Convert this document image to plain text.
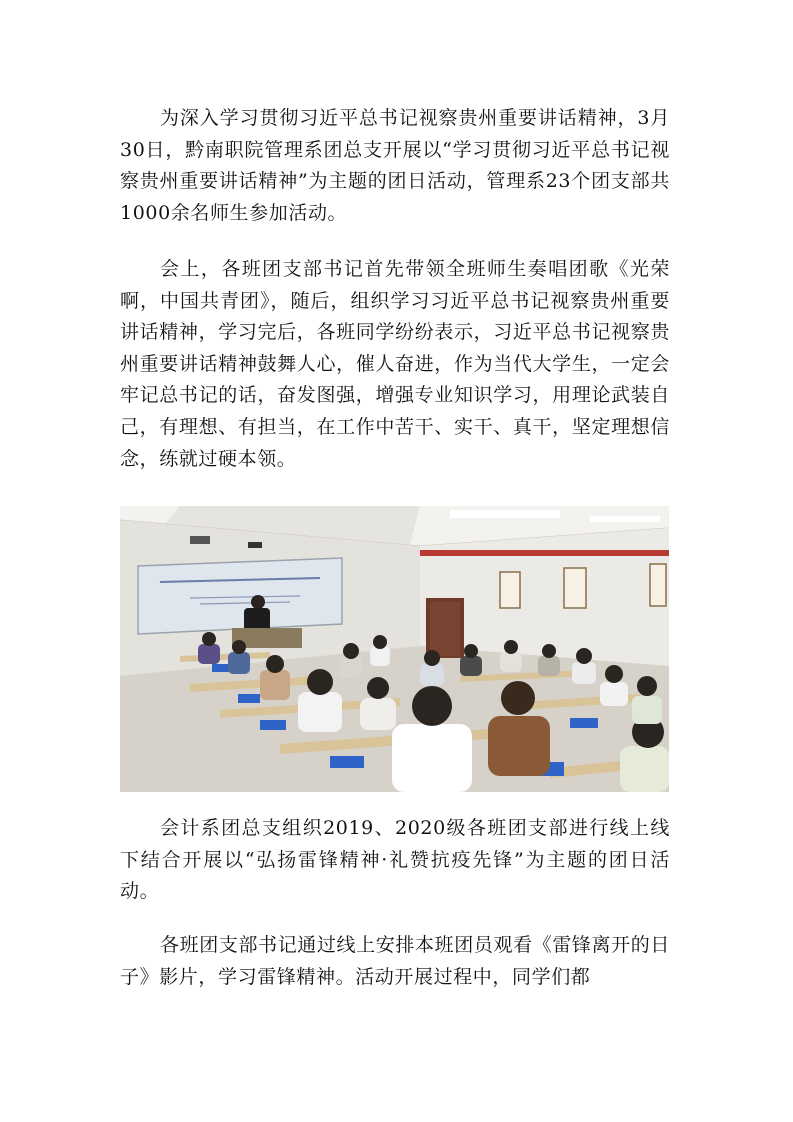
为深入学习贯彻习近平总书记视察贵州重要讲话精神，3月30日，黔南职院管理系团总支开展以“学习贯彻习近平总书记视察贵州重要讲话精神”为主题的团日活动，管理系23个团支部共1000余名师生参加活动。

会上，各班团支部书记首先带领全班师生奏唱团歌《光荣啊，中国共青团》，随后，组织学习习近平总书记视察贵州重要讲话精神，学习完后，各班同学纷纷表示，习近平总书记视察贵州重要讲话精神鼓舞人心，催人奋进，作为当代大学生，一定会牢记总书记的话，奋发图强，增强专业知识学习，用理论武装自己，有理想、有担当，在工作中苦干、实干、真干，坚定理想信念，练就过硬本领。

会计系团总支组织2019、2020级各班团支部进行线上线下结合开展以“弘扬雷锋精神·礼赞抗疫先锋”为主题的团日活动。

各班团支部书记通过线上安排本班团员观看《雷锋离开的日子》影片，学习雷锋精神。活动开展过程中，同学们都
